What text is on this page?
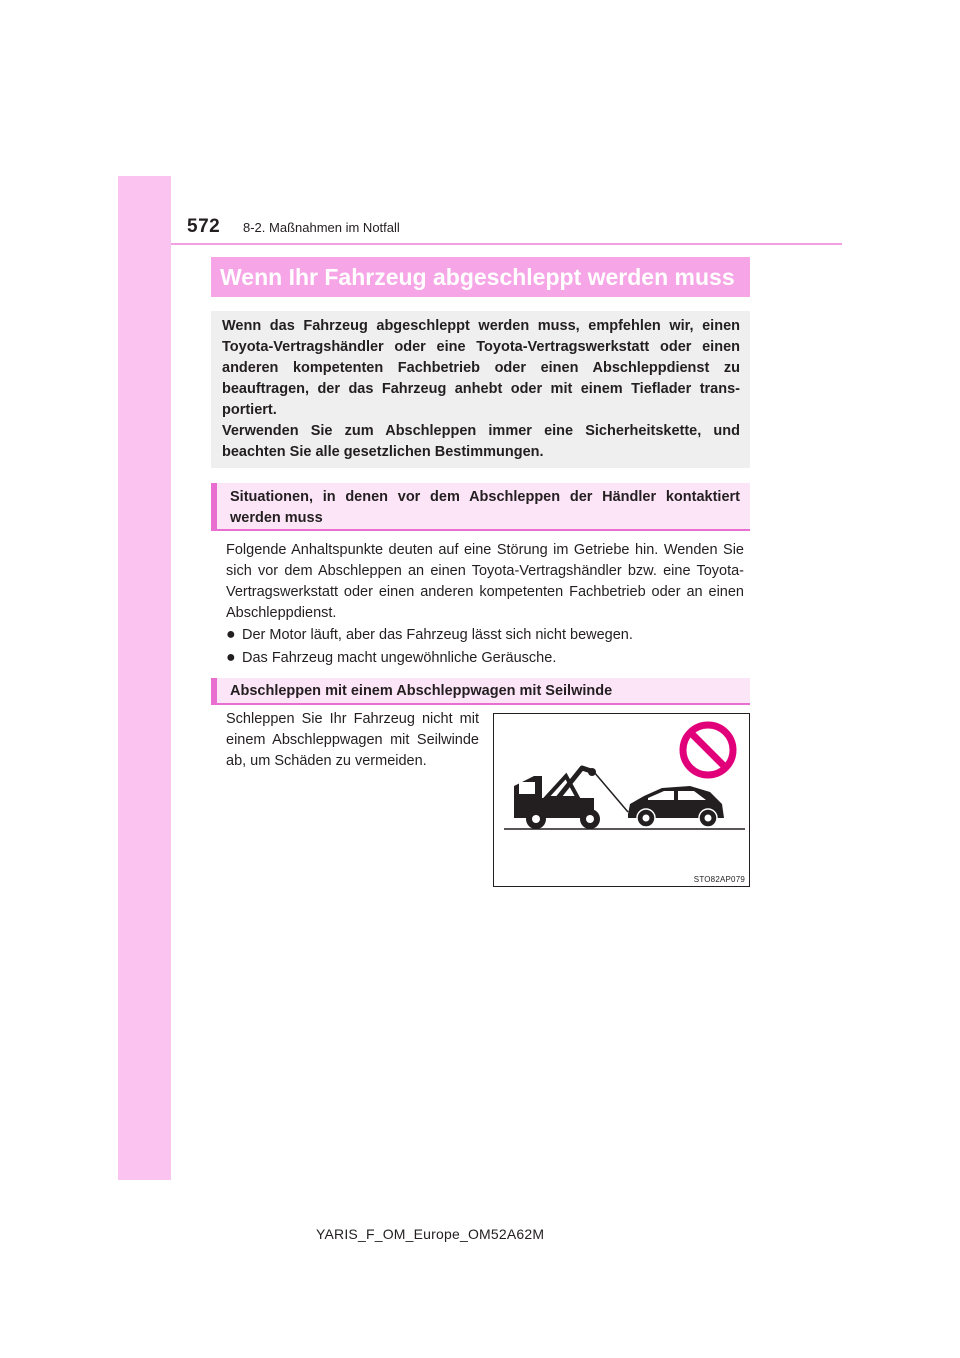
572 8-2. Maßnahmen im Notfall
Wenn Ihr Fahrzeug abgeschleppt werden muss

Wenn das Fahrzeug abgeschleppt werden muss, empfehlen wir, einen Toyota-Vertragshändler oder eine Toyota-Vertragswerkstatt oder einen anderen kompetenten Fachbetrieb oder einen Abschleppdienst zu beauftragen, der das Fahrzeug anhebt oder mit einem Tieflader transportiert.

Verwenden Sie zum Abschleppen immer eine Sicherheitskette, und beachten Sie alle gesetzlichen Bestimmungen.

Situationen, in denen vor dem Abschleppen der Händler kontaktiert werden muss
Folgende Anhaltspunkte deuten auf eine Störung im Getriebe hin. Wenden Sie sich vor dem Abschleppen an einen Toyota-Vertragshändler bzw. eine Toyota-Vertragswerkstatt oder einen anderen kompetenten Fachbetrieb oder an einen Abschleppdienst.
● Der Motor läuft, aber das Fahrzeug lässt sich nicht bewegen.
● Das Fahrzeug macht ungewöhnliche Geräusche.
Abschleppen mit einem Abschleppwagen mit Seilwinde
Schleppen Sie Ihr Fahrzeug nicht mit einem Abschleppwagen mit Seilwinde ab, um Schäden zu vermeiden.
STO82AP079
YARIS_F_OM_Europe_OM52A62M
